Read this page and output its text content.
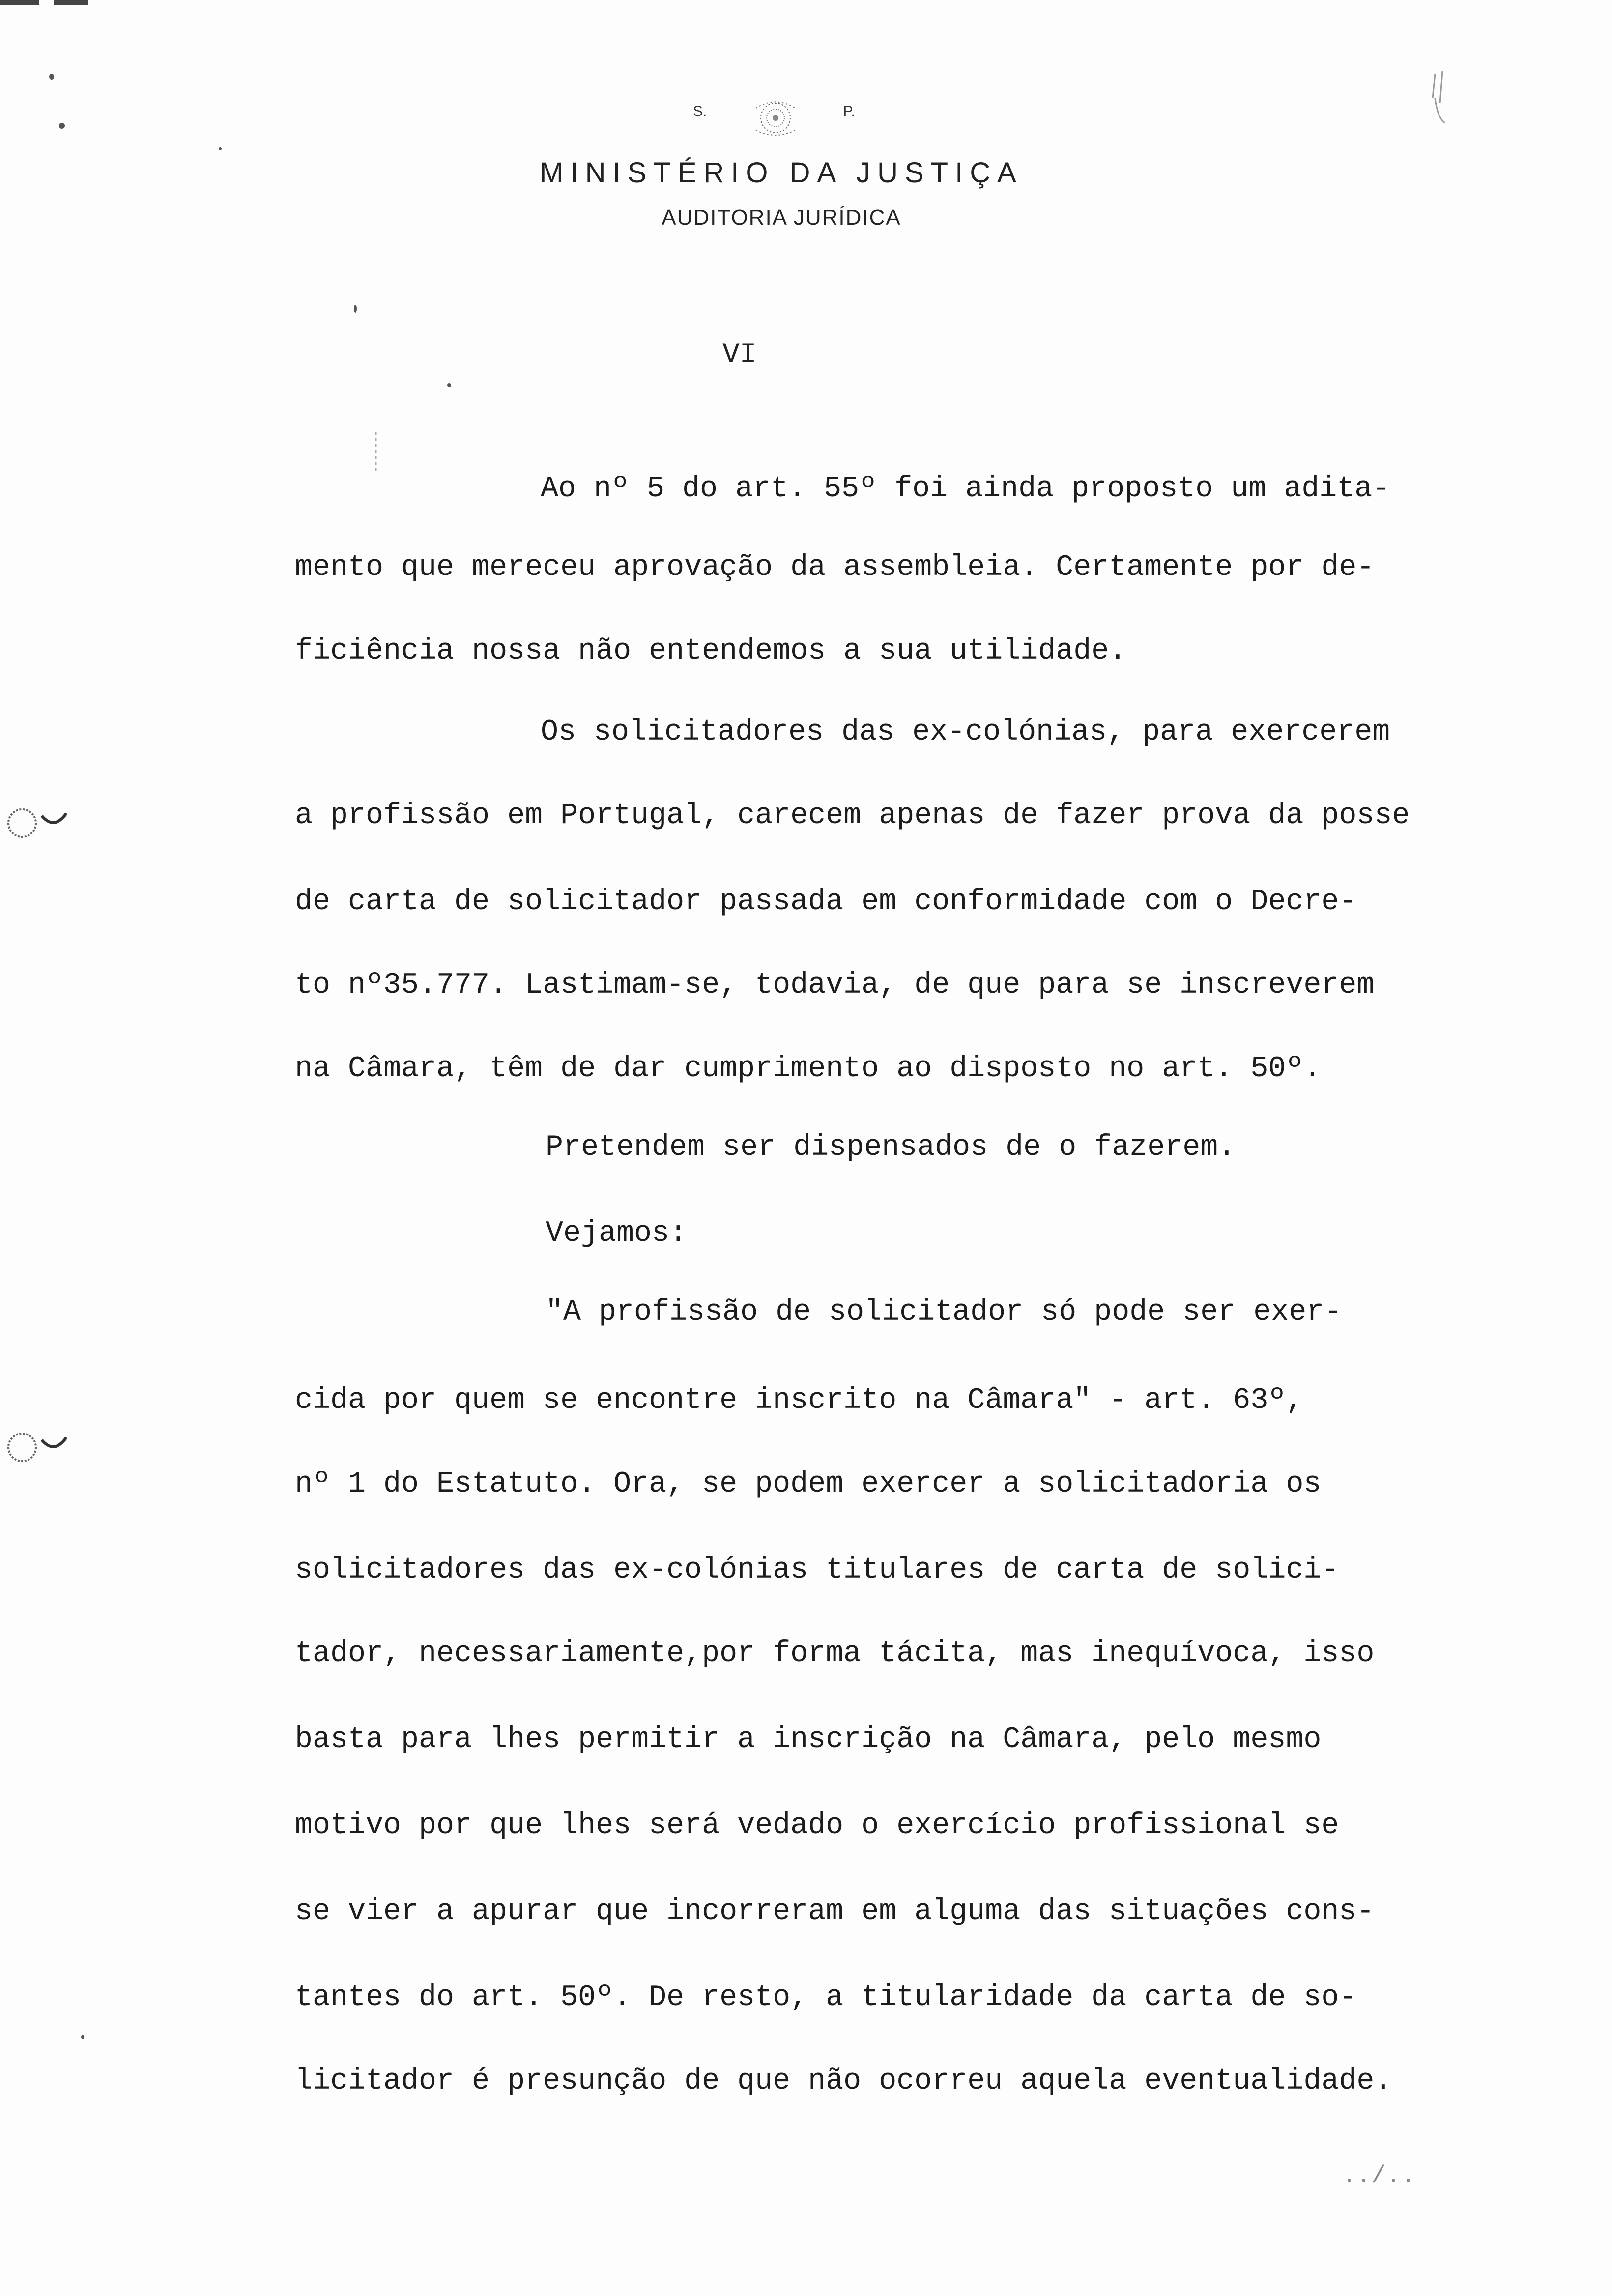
S.	P.
MINISTÉRIO DA JUSTIÇA
AUDITORIA JURÍDICA
VI
Ao nº 5 do art. 55º foi ainda proposto um adita-
mento que mereceu aprovação da assembleia. Certamente por de-
ficiência nossa não entendemos a sua utilidade.
Os solicitadores das ex-colónias, para exercerem
a profissão em Portugal, carecem apenas de fazer prova da posse
de carta de solicitador passada em conformidade com o Decre-
to nº35.777. Lastimam-se, todavia, de que para se inscreverem
na Câmara, têm de dar cumprimento ao disposto no art. 50º.
Pretendem ser dispensados de o fazerem.
Vejamos:
"A profissão de solicitador só pode ser exer-
cida por quem se encontre inscrito na Câmara" - art. 63º,
nº 1 do Estatuto. Ora, se podem exercer a solicitadoria os
solicitadores das ex-colónias titulares de carta de solici-
tador, necessariamente,por forma tácita, mas inequívoca, isso
basta para lhes permitir a inscrição na Câmara, pelo mesmo
motivo por que lhes será vedado o exercício profissional se
se vier a apurar que incorreram em alguma das situações cons-
tantes do art. 50º. De resto, a titularidade da carta de so-
licitador é presunção de que não ocorreu aquela eventualidade.
../..
